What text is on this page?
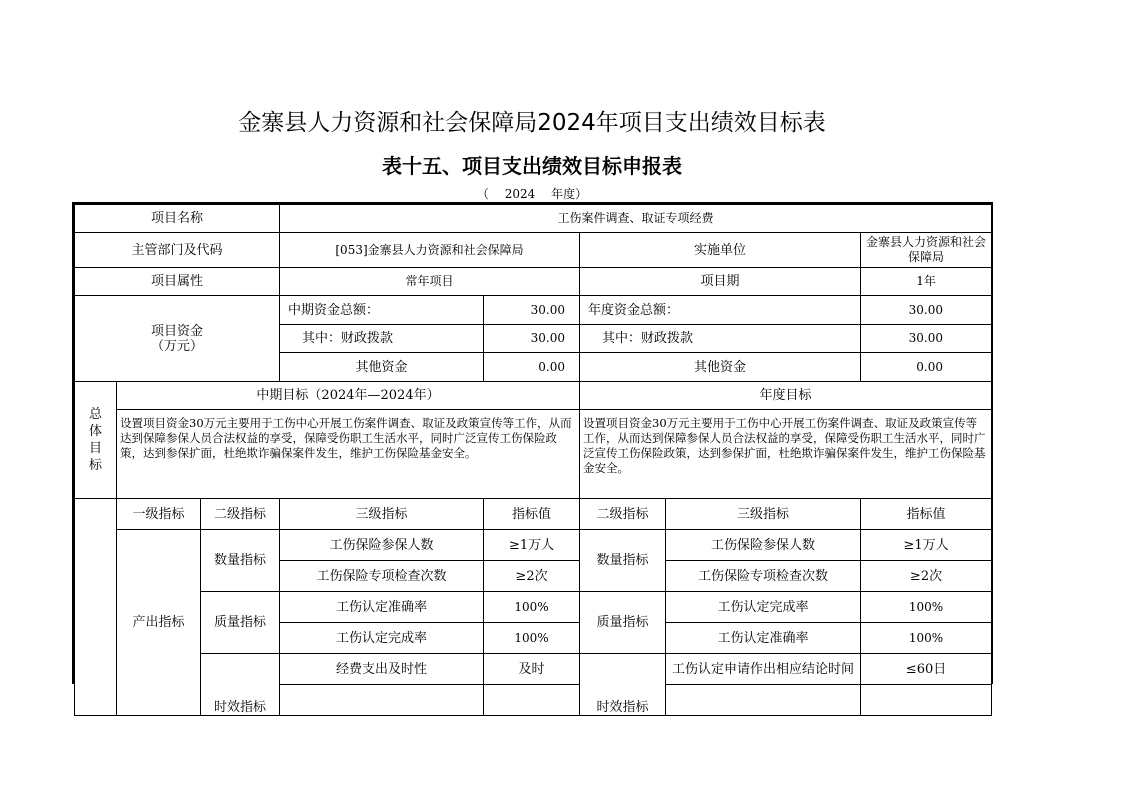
金寨县人力资源和社会保障局2024年项目支出绩效目标表
表十五、项目支出绩效目标申报表
（ 2024 年度）
项目名称			工伤案件调查、取证专项经费				
主管部门及代码			[053]金寨县人力资源和社会保障局		实施单位		金寨县人力资源和社会保障局
项目属性			常年项目		项目期		1年

项目资金
（万元）			中期资金总额：	30.00	年度资金总额：		30.00
			其中：财政拨款	30.00	其中：财政拨款		30.00
			其他资金	0.00	其他资金		0.00

总
体
目
标	中期目标（2024年—2024年）				年度目标		
	设置项目资金30万元主要用于工伤中心开展工伤案件调查、取证及政策宣传等工作，从而达到保障参保人员合法权益的享受，保障受伤职工生活水平，同时广泛宣传工伤保险政策，达到参保扩面，杜绝欺诈骗保案件发生，维护工伤保险基金安全。				设置项目资金30万元主要用于工伤中心开展工伤案件调查、取证及政策宣传等工作，从而达到保障参保人员合法权益的享受，保障受伤职工生活水平，同时广泛宣传工伤保险政策，达到参保扩面，杜绝欺诈骗保案件发生，维护工伤保险基金安全。		
	一级指标	二级指标	三级指标	指标值	二级指标	三级指标	指标值
	产出指标	数量指标	工伤保险参保人数	≥1万人	数量指标	工伤保险参保人数	≥1万人
			工伤保险专项检查次数	≥2次		工伤保险专项检查次数	≥2次
		质量指标	工伤认定准确率	100%	质量指标	工伤认定完成率	100%
			工伤认定完成率	100%		工伤认定准确率	100%
		时效指标	经费支出及时性	及时	时效指标	工伤认定申请作出相应结论时间	≤60日
